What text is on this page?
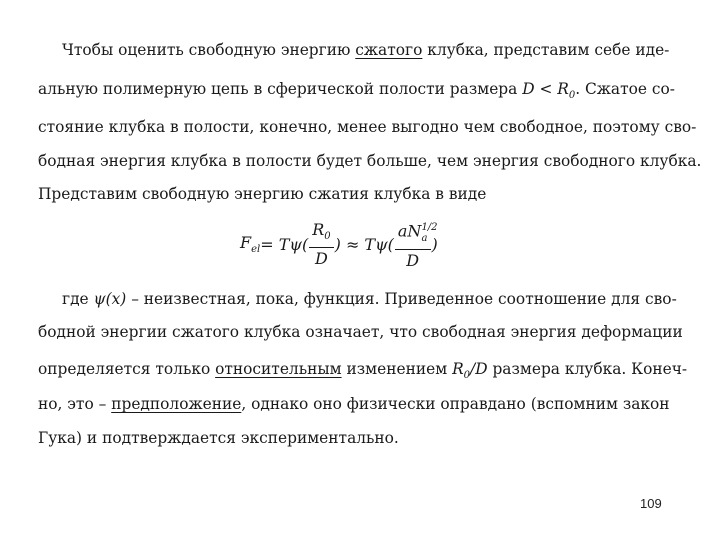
Чтобы оценить свободную энергию сжатого клубка, представим себе иде-
альную полимерную цепь в сферической полости размера $D < R_0$. Сжатое со-
стояние клубка в полости, конечно, менее выгодно чем свободное, поэтому сво-
бодная энергия клубка в полости будет больше, чем энергия свободного клубка.
Представим свободную энергию сжатия клубка в виде
$F_{el} = T\psi( \frac{R_0}{D}$ ) ≈ $T\psi( \frac{aN^{1/2}_a}{D}$ )
где ψ(x) – неизвестная, пока, функция. Приведенное соотношение для сво-
бодной энергии сжатого клубка означает, что свободная энергия деформации
определяется только относительным изменением $R_0/D$ размера клубка. Конеч-
но, это – предположение, однако оно физически оправдано (вспомним закон
Гука) и подтверждается экспериментально.
109
